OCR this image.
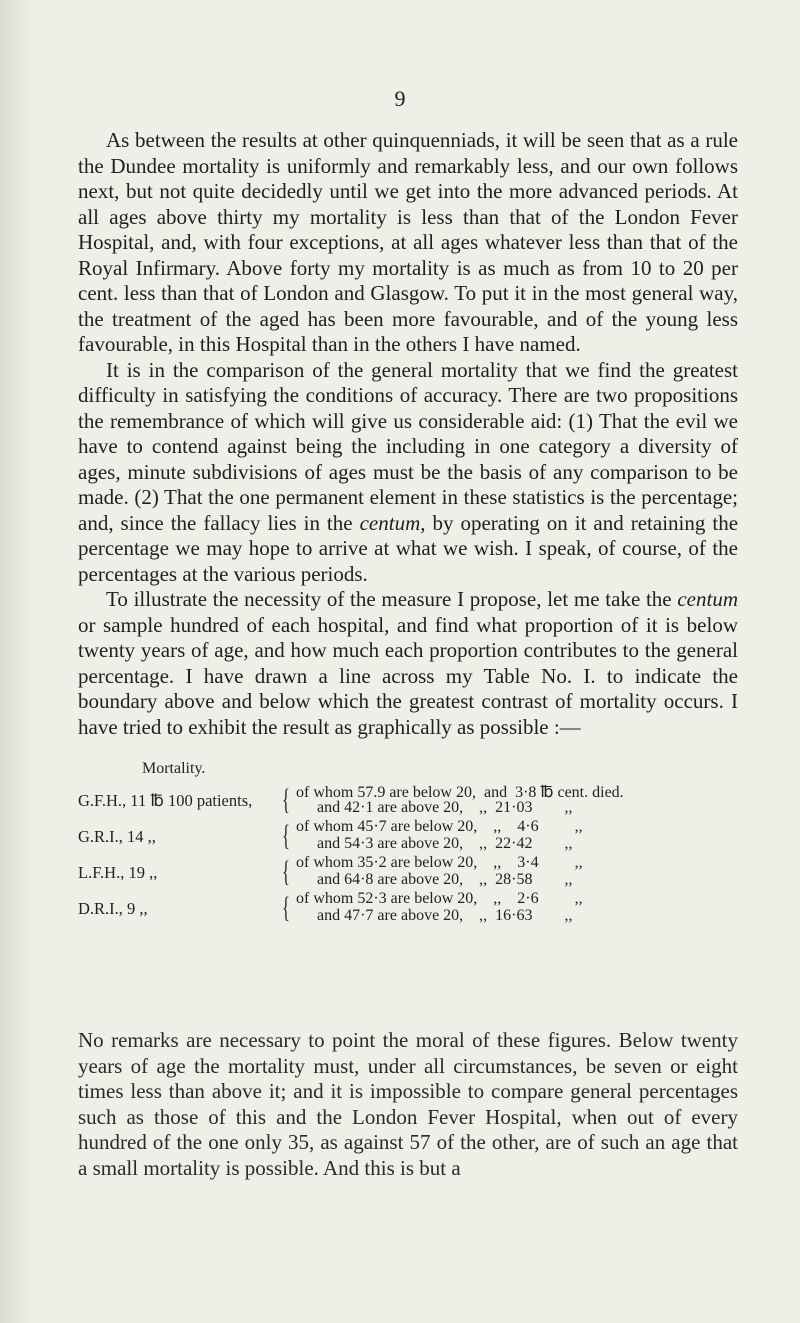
9

As between the results at other quinquenniads, it will be seen that as a rule the Dundee mortality is uniformly and remarkably less, and our own follows next, but not quite decidedly until we get into the more advanced periods. At all ages above thirty my mortality is less than that of the London Fever Hospital, and, with four exceptions, at all ages whatever less than that of the Royal Infirmary. Above forty my mortality is as much as from 10 to 20 per cent. less than that of London and Glasgow. To put it in the most general way, the treatment of the aged has been more favourable, and of the young less favourable, in this Hospital than in the others I have named.

It is in the comparison of the general mortality that we find the greatest difficulty in satisfying the conditions of accuracy. There are two propositions the remembrance of which will give us considerable aid: (1) That the evil we have to contend against being the including in one category a diversity of ages, minute subdivisions of ages must be the basis of any comparison to be made. (2) That the one permanent element in these statistics is the percentage; and, since the fallacy lies in the centum, by operating on it and retaining the percentage we may hope to arrive at what we wish. I speak, of course, of the percentages at the various periods.

To illustrate the necessity of the measure I propose, let me take the centum or sample hundred of each hospital, and find what proportion of it is below twenty years of age, and how much each proportion contributes to the general percentage. I have drawn a line across my Table No. I. to indicate the boundary above and below which the greatest contrast of mortality occurs. I have tried to exhibit the result as graphically as possible :—

Mortality.
G.F.H., 11 ℔ 100 patients, { of whom 57.9 are below 20,  and  3·8 ℔ cent. died.
and 42·1 are above 20,    ,,  21·03        ,,
G.R.I., 14 ,,	{ of whom 45·7 are below 20,    ,,    4·6         ,,
and 54·3 are above 20,    ,,  22·42        ,,
L.F.H., 19 ,,	{ of whom 35·2 are below 20,    ,,    3·4         ,,
and 64·8 are above 20,    ,,  28·58        ,,
D.R.I., 9 ,,	{ of whom 52·3 are below 20,    ,,    2·6         ,,
and 47·7 are above 20,    ,,  16·63        ,,
No remarks are necessary to point the moral of these figures. Below twenty years of age the mortality must, under all circumstances, be seven or eight times less than above it; and it is impossible to compare general percentages such as those of this and the London Fever Hospital, when out of every hundred of the one only 35, as against 57 of the other, are of such an age that a small mortality is possible. And this is but a
